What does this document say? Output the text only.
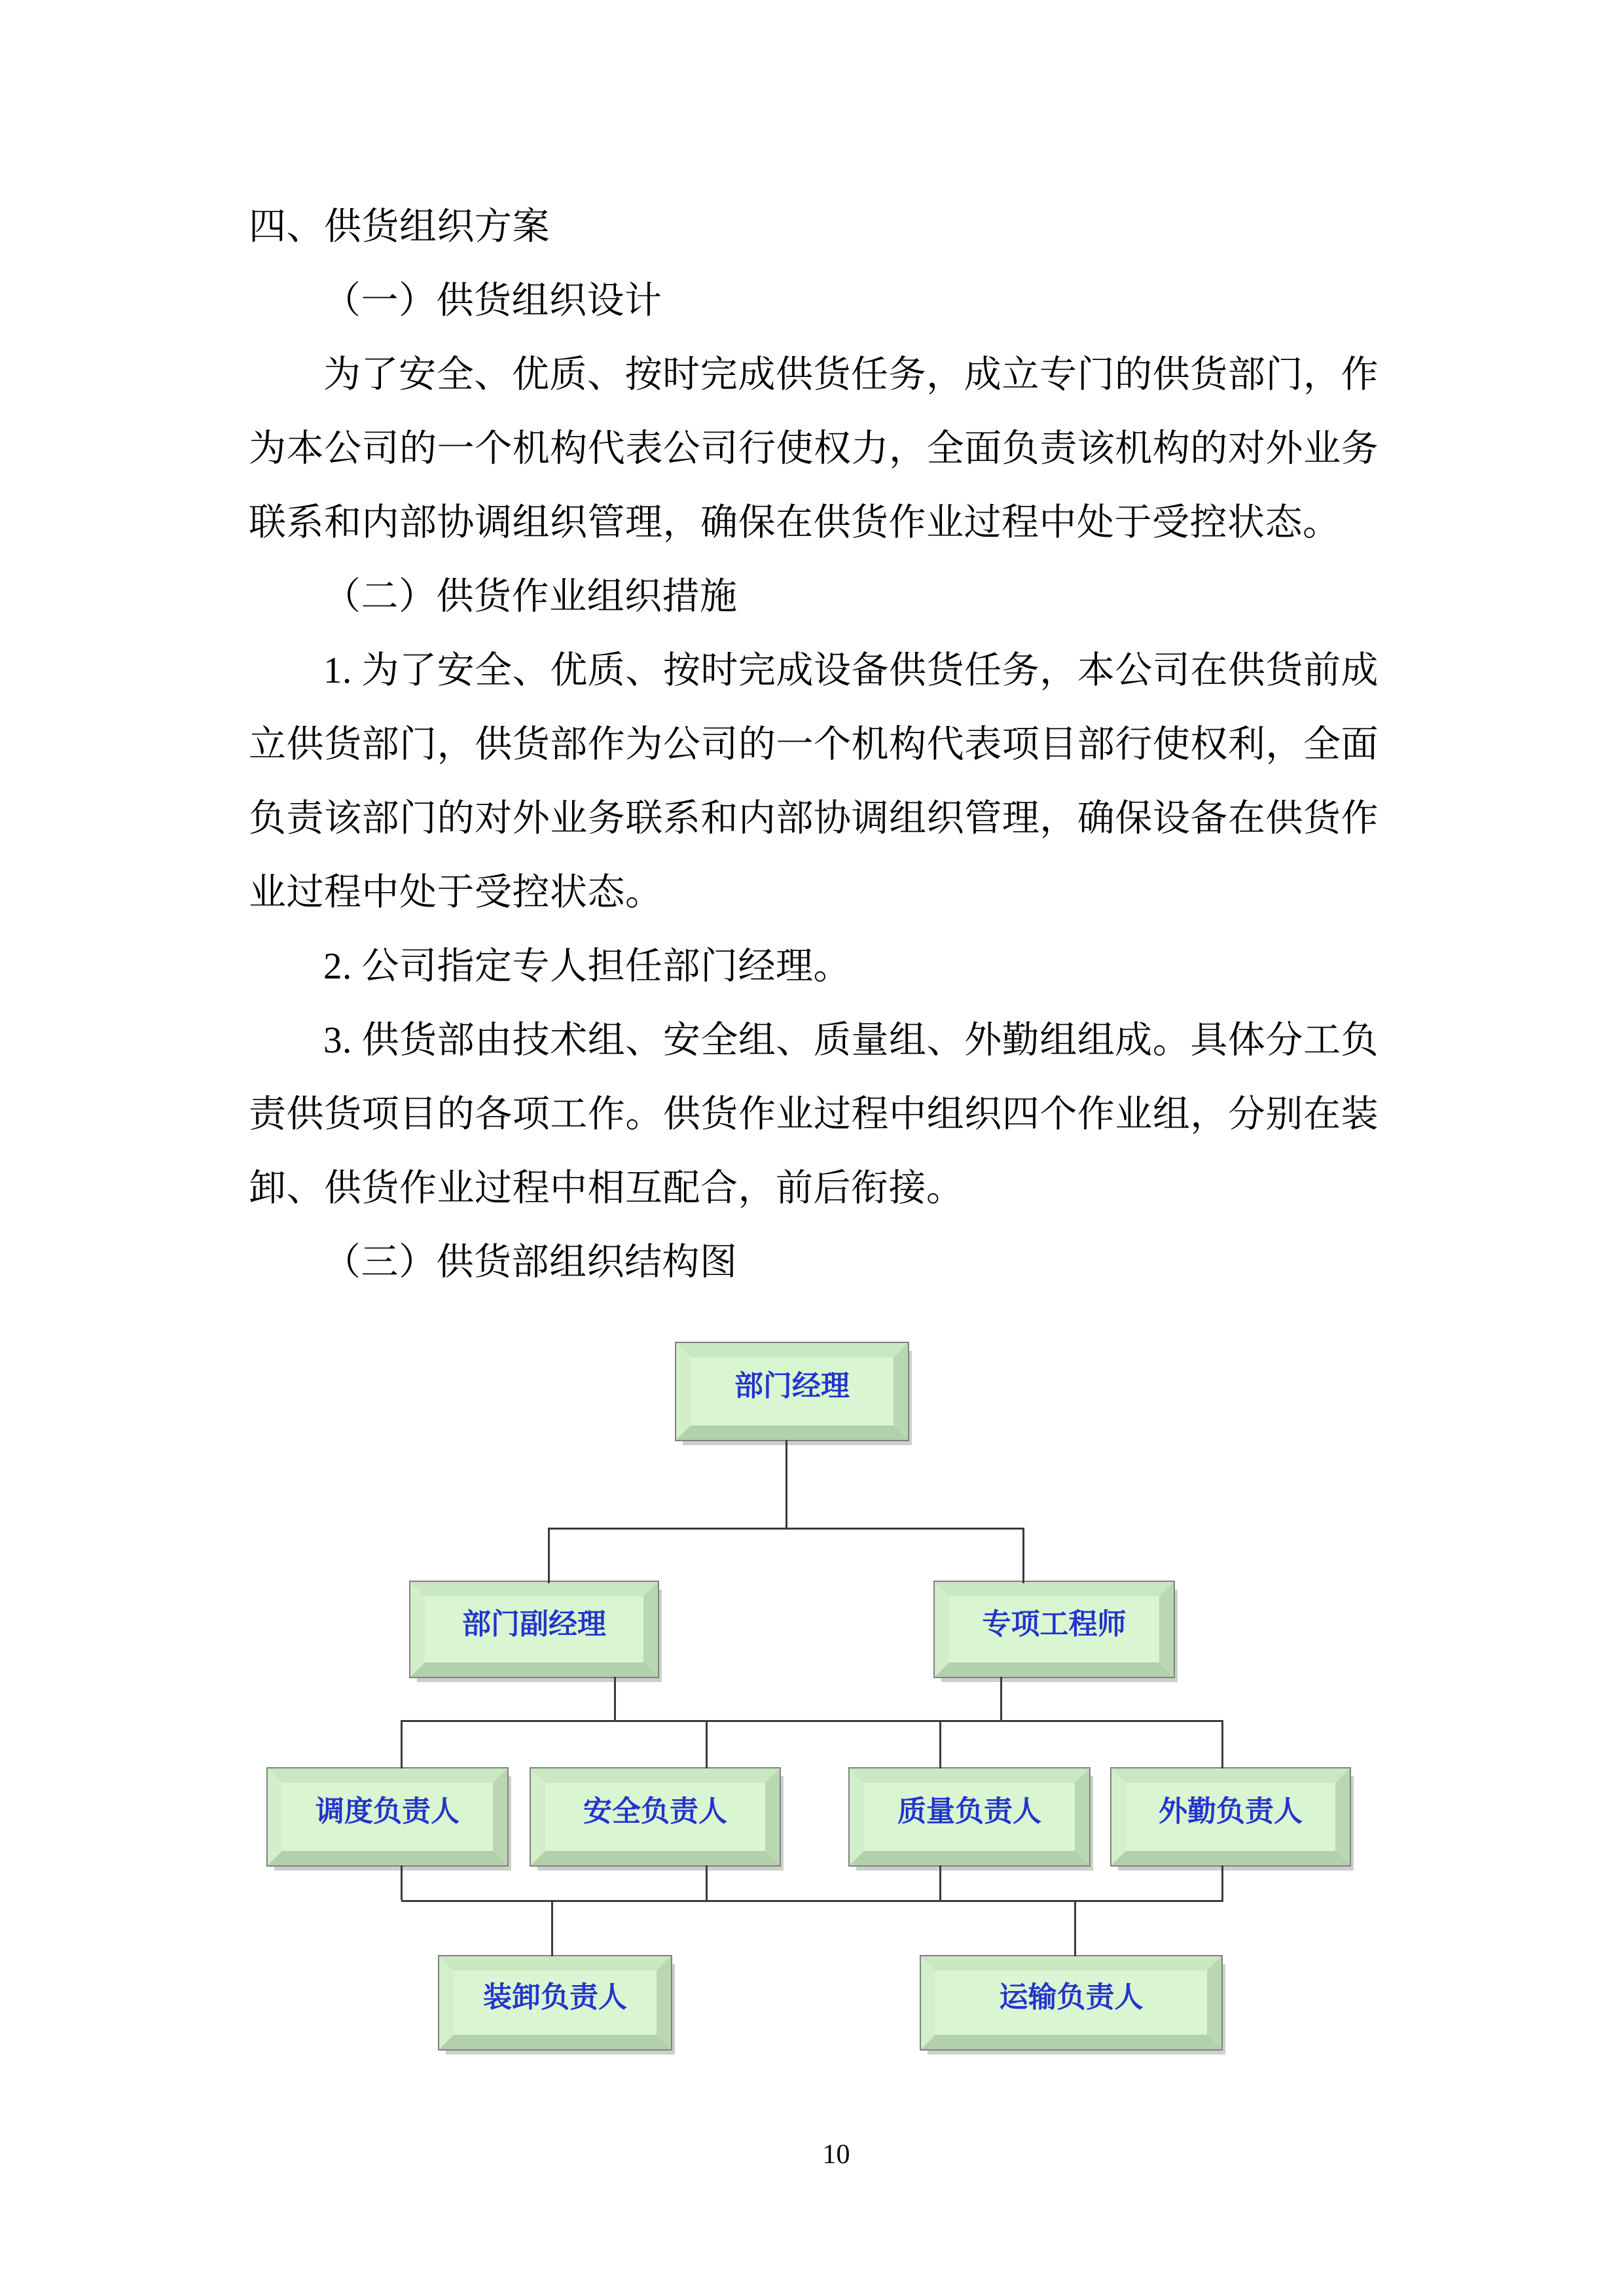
四、供货组织方案

（一）供货组织设计

为了安全、优质、按时完成供货任务，成立专门的供货部门，作为本公司的一个机构代表公司行使权力，全面负责该机构的对外业务联系和内部协调组织管理，确保在供货作业过程中处于受控状态。

（二）供货作业组织措施

1. 为了安全、优质、按时完成设备供货任务，本公司在供货前成立供货部门，供货部作为公司的一个机构代表项目部行使权利，全面负责该部门的对外业务联系和内部协调组织管理，确保设备在供货作业过程中处于受控状态。

2. 公司指定专人担任部门经理。

3. 供货部由技术组、安全组、质量组、外勤组组成。具体分工负责供货项目的各项工作。供货作业过程中组织四个作业组，分别在装卸、供货作业过程中相互配合，前后衔接。

（三）供货部组织结构图

部门经理
部门副经理	专项工程师
调度负责人	安全负责人	质量负责人	外勤负责人
装卸负责人	运输负责人
10
